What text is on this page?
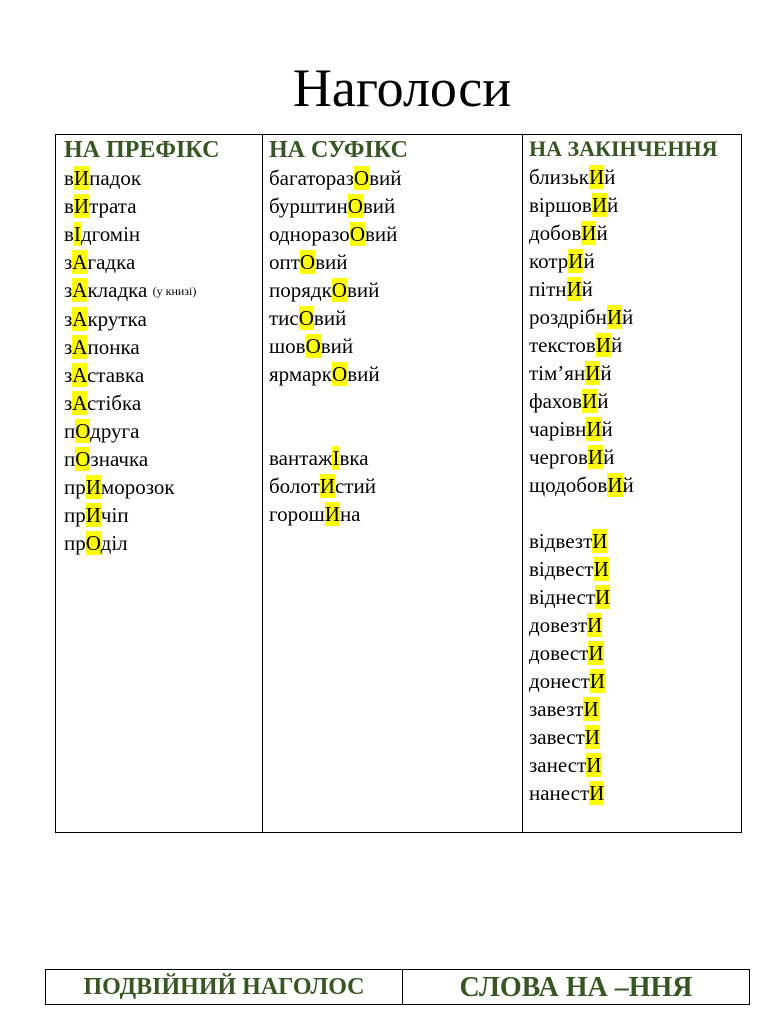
Наголоси
НА ПРЕФІКС
вИпадок
вИтрата
вІдгомін
зАгадка
зАкладка (у книзі)
зАкрутка
зАпонка
зАставка
зАстібка
пОдруга
пОзначка
прИморозок
прИчіп
прОділ
НА СУФІКС
багаторазОвий
бурштинОвий
одноразоОвий
оптОвий
порядкОвий
тисОвий
шовОвий
ярмаркОвий
вантажІвка
болотИстий
горошИна
НА ЗАКІНЧЕННЯ
близькИй
віршовИй
добовИй
котрИй
пітнИй
роздрібнИй
текстовИй
тім’янИй
фаховИй
чарівнИй
черговИй
щодобовИй
відвезтИ
відвестИ
віднестИ
довезтИ
довестИ
донестИ
завезтИ
завестИ
занестИ
нанестИ
ПОДВІЙНИЙ НАГОЛОС	СЛОВА НА –ННЯ
